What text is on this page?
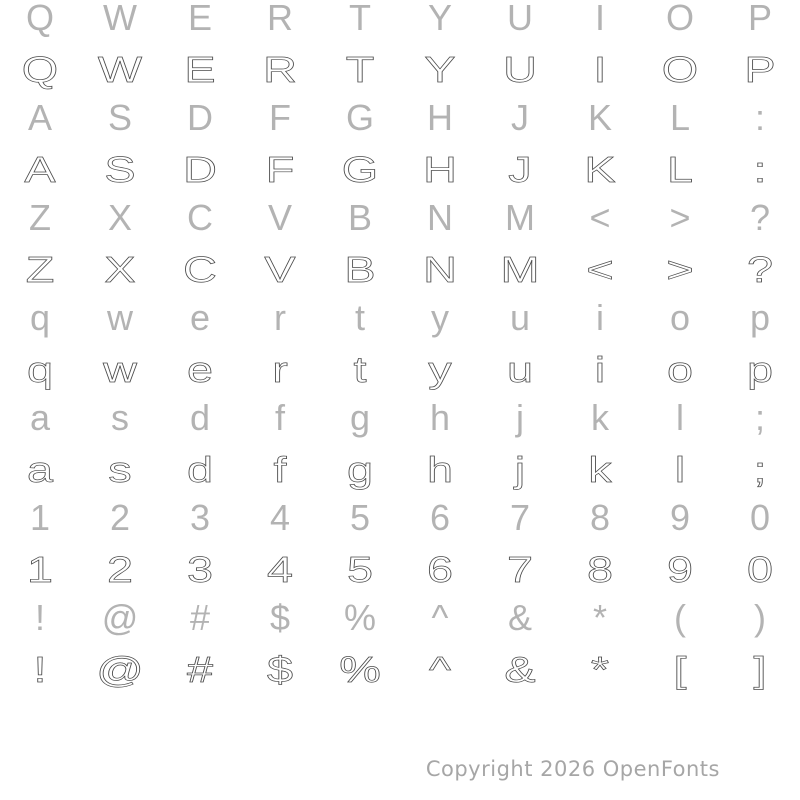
Q	W	E	R	T	Y	U	I	O	P
Q W E R T Y U I O P
A	S	D	F	G	H	J	K	L	:
A S D F G H J K L :
Z	X	C	V	B	N	M	<	>	?
Z X C V B N M < > ?
q	w	e	r	t	y	u	i	o	p
q w e r t y u i o p
a	s	d	f	g	h	j	k	l	;
a s d f g h j k l ;
1	2	3	4	5	6	7	8	9	0
1 2 3 4 5 6 7 8 9 0
!	@	#	$	%	^	&	*	(	)
! @ # $ % ^ & * [ ]
Copyright 2026 OpenFonts
